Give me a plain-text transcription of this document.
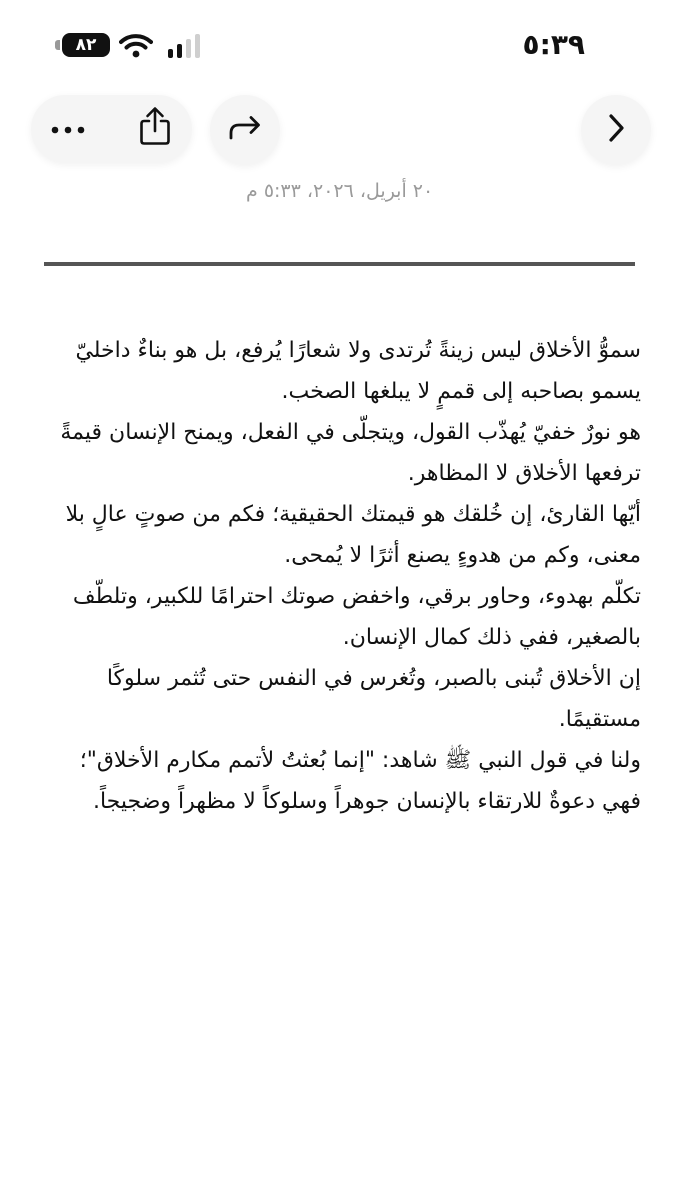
٥:٣٩
٨٢
٢٠ أبريل، ٢٠٢٦، ٥:٣٣ م

سموُّ الأخلاق ليس زينةً تُرتدى ولا شعارًا يُرفع، بل هو بناءٌ داخليّ يسمو بصاحبه إلى قممٍ لا يبلغها الصخب.

هو نورٌ خفيّ يُهذّب القول، ويتجلّى في الفعل، ويمنح الإنسان قيمةً ترفعها الأخلاق لا المظاهر.

أيّها القارئ، إن خُلقك هو قيمتك الحقيقية؛ فكم من صوتٍ عالٍ بلا معنى، وكم من هدوءٍ يصنع أثرًا لا يُمحى.

تكلّم بهدوء، وحاور برقي، واخفض صوتك احترامًا للكبير، وتلطّف بالصغير، ففي ذلك كمال الإنسان.

إن الأخلاق تُبنى بالصبر، وتُغرس في النفس حتى تُثمر سلوكًا مستقيمًا.

ولنا في قول النبي ﷺ شاهد: "إنما بُعثتُ لأتمم مكارم الأخلاق"؛ فهي دعوةٌ للارتقاء بالإنسان جوهراً وسلوكاً لا مظهراً وضجيجاً.
